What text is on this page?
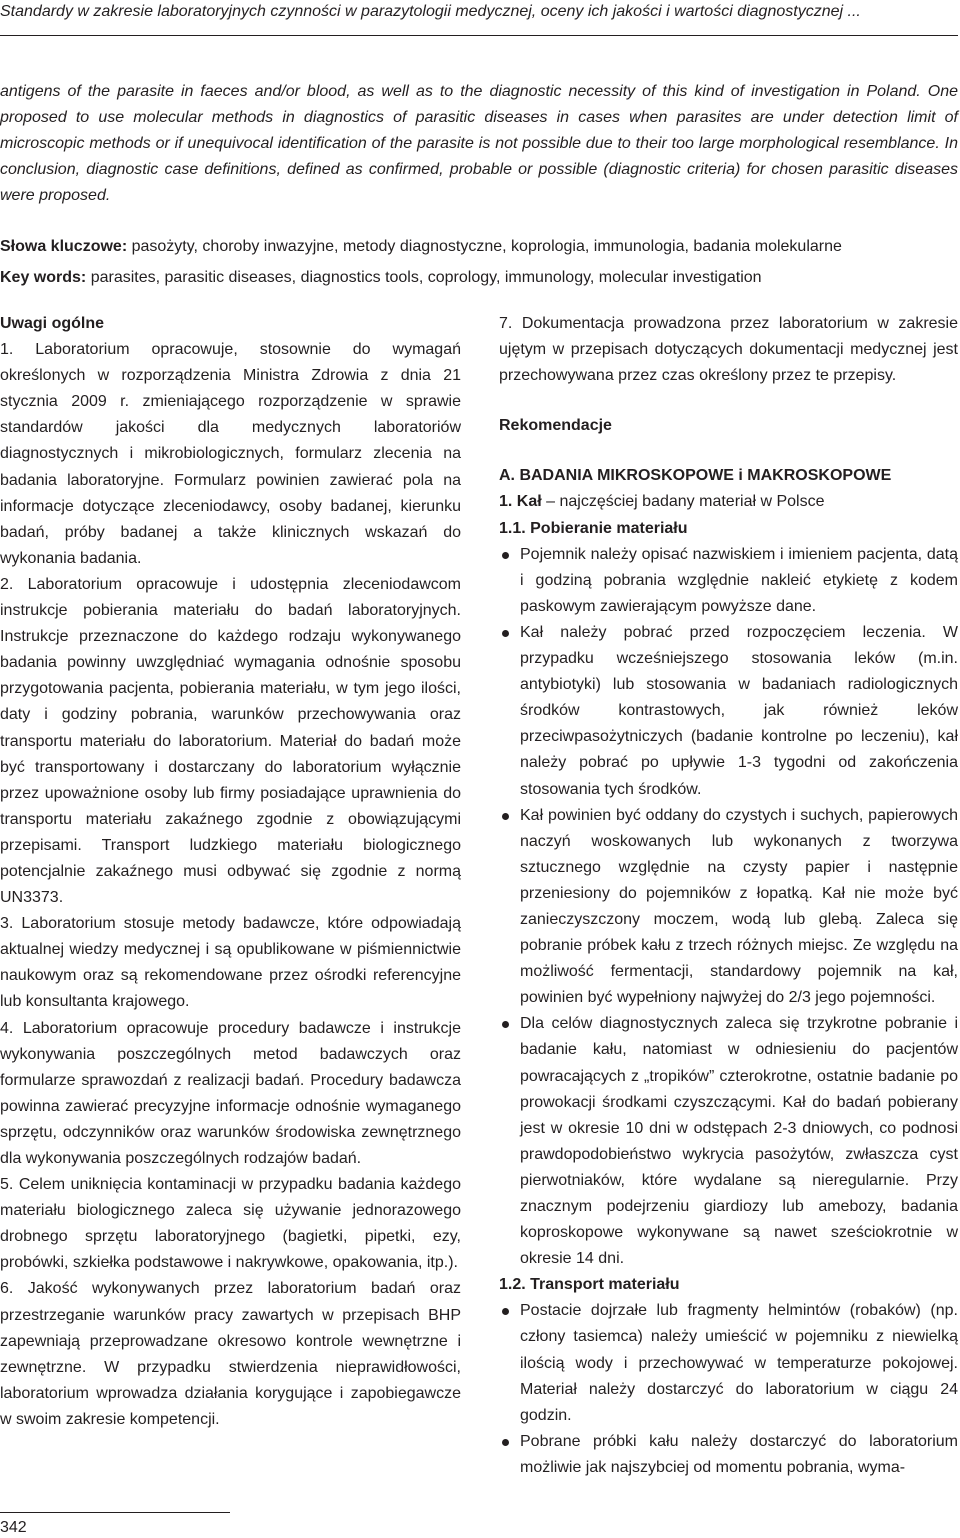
Standardy w zakresie laboratoryjnych czynności w parazytologii medycznej, oceny ich jakości i wartości diagnostycznej ...

antigens of the parasite in faeces and/or blood, as well as to the diagnostic necessity of this kind of investigation in Poland. One proposed to use molecular methods in diagnostics of parasitic diseases in cases when parasites are under detection limit of microscopic methods or if unequivocal identification of the parasite is not possible due to their too large morphological resemblance. In conclusion, diagnostic case definitions, defined as confirmed, probable or possible (diagnostic criteria) for chosen parasitic diseases were proposed.

Słowa kluczowe: pasożyty, choroby inwazyjne, metody diagnostyczne, koprologia, immunologia, badania molekularne
Key words: parasites, parasitic diseases, diagnostics tools, coprology, immunology, molecular investigation

Uwagi ogólne

1. Laboratorium opracowuje, stosownie do wymagań określonych w rozporządzenia Ministra Zdrowia z dnia 21 stycznia 2009 r. zmieniającego rozporządzenie w sprawie standardów jakości dla medycznych laboratoriów diagnostycznych i mikrobiologicznych, formularz zlecenia na badania laboratoryjne. Formularz powinien zawierać pola na informacje dotyczące zleceniodawcy, osoby badanej, kierunku badań, próby badanej a także klinicznych wskazań do wykonania badania.

2. Laboratorium opracowuje i udostępnia zleceniodawcom instrukcje pobierania materiału do badań laboratoryjnych. Instrukcje przeznaczone do każdego rodzaju wykonywanego badania powinny uwzględniać wymagania odnośnie sposobu przygotowania pacjenta, pobierania materiału, w tym jego ilości, daty i godziny pobrania, warunków przechowywania oraz transportu materiału do laboratorium. Materiał do badań może być transportowany i dostarczany do laboratorium wyłącznie przez upoważnione osoby lub firmy posiadające uprawnienia do transportu materiału zakaźnego zgodnie z obowiązującymi przepisami. Transport ludzkiego materiału biologicznego potencjalnie zakaźnego musi odbywać się zgodnie z normą UN3373.

3. Laboratorium stosuje metody badawcze, które odpowiadają aktualnej wiedzy medycznej i są opublikowane w piśmiennictwie naukowym oraz są rekomendowane przez ośrodki referencyjne lub konsultanta krajowego.

4. Laboratorium opracowuje procedury badawcze i instrukcje wykonywania poszczególnych metod badawczych oraz formularze sprawozdań z realizacji badań. Procedury badawcza powinna zawierać precyzyjne informacje odnośnie wymaganego sprzętu, odczynników oraz warunków środowiska zewnętrznego dla wykonywania poszczególnych rodzajów badań.

5. Celem uniknięcia kontaminacji w przypadku badania każdego materiału biologicznego zaleca się używanie jednorazowego drobnego sprzętu laboratoryjnego (bagietki, pipetki, ezy, probówki, szkiełka podstawowe i nakrywkowe, opakowania, itp.).

6. Jakość wykonywanych przez laboratorium badań oraz przestrzeganie warunków pracy zawartych w przepisach BHP zapewniają przeprowadzane okresowo kontrole wewnętrzne i zewnętrzne. W przypadku stwierdzenia nieprawidłowości, laboratorium wprowadza działania korygujące i zapobiegawcze w swoim zakresie kompetencji.

7. Dokumentacja prowadzona przez laboratorium w zakresie ujętym w przepisach dotyczących dokumentacji medycznej jest przechowywana przez czas określony przez te przepisy.

Rekomendacje

A. BADANIA MIKROSKOPOWE i MAKROSKOPOWE

1. Kał – najczęściej badany materiał w Polsce

1.1. Pobieranie materiału

Pojemnik należy opisać nazwiskiem i imieniem pacjenta, datą i godziną pobrania względnie nakleić etykietę z kodem paskowym zawierającym powyższe dane.
Kał należy pobrać przed rozpoczęciem leczenia. W przypadku wcześniejszego stosowania leków (m.in. antybiotyki) lub stosowania w badaniach radiologicznych środków kontrastowych, jak również leków przeciwpasożytniczych (badanie kontrolne po leczeniu), kał należy pobrać po upływie 1-3 tygodni od zakończenia stosowania tych środków.
Kał powinien być oddany do czystych i suchych, papierowych naczyń woskowanych lub wykonanych z tworzywa sztucznego względnie na czysty papier i następnie przeniesiony do pojemników z łopatką. Kał nie może być zanieczyszczony moczem, wodą lub glebą. Zaleca się pobranie próbek kału z trzech różnych miejsc. Ze względu na możliwość fermentacji, standardowy pojemnik na kał, powinien być wypełniony najwyżej do 2/3 jego pojemności.
Dla celów diagnostycznych zaleca się trzykrotne pobranie i badanie kału, natomiast w odniesieniu do pacjentów powracających z „tropików” czterokrotne, ostatnie badanie po prowokacji środkami czyszczącymi. Kał do badań pobierany jest w okresie 10 dni w odstępach 2-3 dniowych, co podnosi prawdopodobieństwo wykrycia pasożytów, zwłaszcza cyst pierwotniaków, które wydalane są nieregularnie. Przy znacznym podejrzeniu giardiozy lub amebozy, badania koproskopowe wykonywane są nawet sześciokrotnie w okresie 14 dni.

1.2. Transport materiału

Postacie dojrzałe lub fragmenty helmintów (robaków) (np. człony tasiemca) należy umieścić w pojemniku z niewielką ilością wody i przechowywać w temperaturze pokojowej. Materiał należy dostarczyć do laboratorium w ciągu 24 godzin.
Pobrane próbki kału należy dostarczyć do laboratorium możliwie jak najszybciej od momentu pobrania, wyma-
342
